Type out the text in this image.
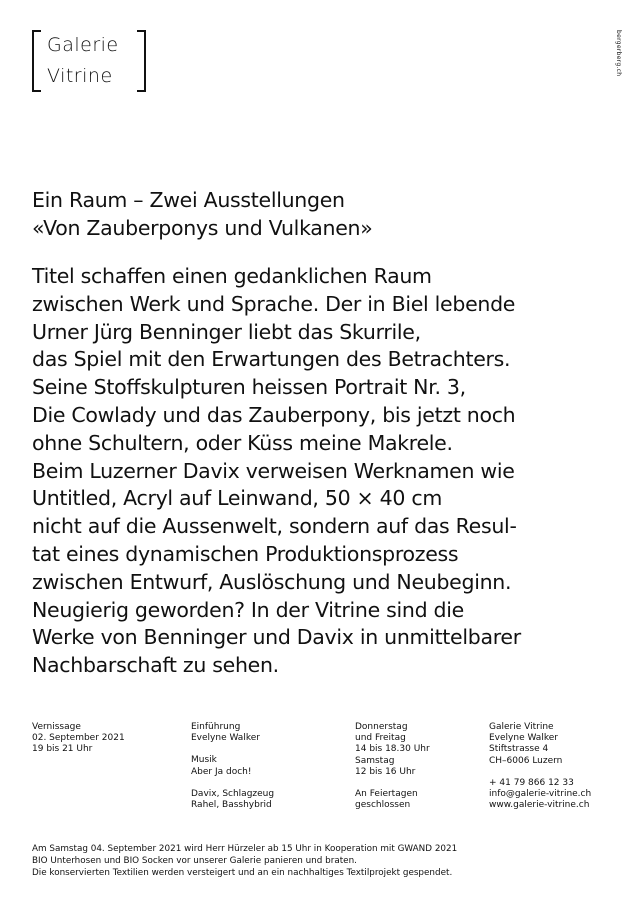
Galerie
Vitrine	bergerberg.ch
Ein Raum – Zwei Ausstellungen
«Von Zauberponys und Vulkanen»

Titel schaffen einen gedanklichen Raum
zwischen Werk und Sprache. Der in Biel lebende
Urner Jürg Benninger liebt das Skurrile,
das Spiel mit den Erwartungen des Betrachters.
Seine Stoffskulpturen heissen Portrait Nr. 3,
Die Cowlady und das Zauberpony, bis jetzt noch
ohne Schultern, oder Küss meine Makrele.
Beim Luzerner Davix verweisen Werknamen wie
Untitled, Acryl auf Leinwand, 50 × 40 cm
nicht auf die Aussenwelt, sondern auf das Resul-
tat eines dynamischen Produktionsprozess
zwischen Entwurf, Auslöschung und Neubeginn.
Neugierig geworden? In der Vitrine sind die
Werke von Benninger und Davix in unmittelbarer
Nachbarschaft zu sehen.

Vernissage
02. September 2021
19 bis 21 Uhr
Einführung
Evelyne Walker
Musik
Aber Ja doch!
Davix, Schlagzeug
Rahel, Basshybrid
Donnerstag
und Freitag
14 bis 18.30 Uhr
Samstag
12 bis 16 Uhr
An Feiertagen
geschlossen
Galerie Vitrine
Evelyne Walker
Stiftstrasse 4
CH–6006 Luzern
+ 41 79 866 12 33
info@galerie-vitrine.ch
www.galerie-vitrine.ch
Am Samstag 04. September 2021 wird Herr Hürzeler ab 15 Uhr in Kooperation mit GWAND 2021
BIO Unterhosen und BIO Socken vor unserer Galerie panieren und braten.
Die konservierten Textilien werden versteigert und an ein nachhaltiges Textilprojekt gespendet.
